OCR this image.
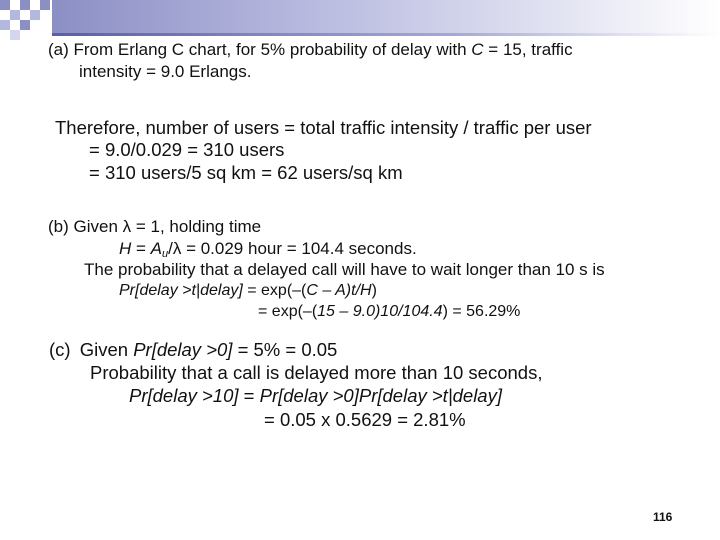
(a) From Erlang C chart, for 5% probability of delay with C = 15, traffic
intensity = 9.0 Erlangs.
Therefore, number of users = total traffic intensity / traffic per user
= 9.0/0.029 = 310 users
= 310 users/5 sq km = 62 users/sq km
(b) Given λ = 1, holding time
$H = A_u/\lambda = 0.029$ hour = 104.4 seconds.
The probability that a delayed call will have to wait longer than 10 s is
Pr[delay >t|delay] = exp(–(C – A)t/H)
= exp(–(15 – 9.0)10/104.4) = 56.29%
(c) Given Pr[delay >0] = 5% = 0.05
Probability that a call is delayed more than 10 seconds,
Pr[delay >10] = Pr[delay >0]Pr[delay >t|delay]
= 0.05 x 0.5629 = 2.81%
116
